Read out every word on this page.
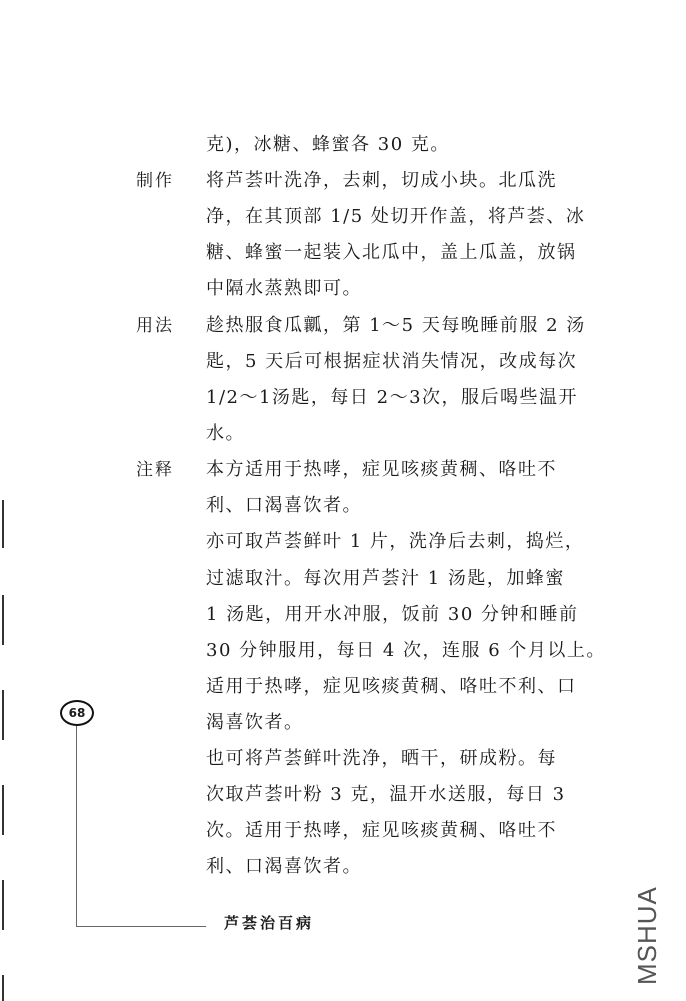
克)，冰糖、蜂蜜各 30 克。
制作 将芦荟叶洗净，去刺，切成小块。北瓜洗
净，在其顶部 1/5 处切开作盖，将芦荟、冰
糖、蜂蜜一起装入北瓜中，盖上瓜盖，放锅
中隔水蒸熟即可。
用法 趁热服食瓜瓤，第 1～5 天每晚睡前服 2 汤
匙，5 天后可根据症状消失情况，改成每次
1/2～1汤匙，每日 2～3次，服后喝些温开
水。
注释 本方适用于热哮，症见咳痰黄稠、咯吐不
利、口渴喜饮者。
亦可取芦荟鲜叶 1 片，洗净后去刺，捣烂，
过滤取汁。每次用芦荟汁 1 汤匙，加蜂蜜
1 汤匙，用开水冲服，饭前 30 分钟和睡前
30 分钟服用，每日 4 次，连服 6 个月以上。
适用于热哮，症见咳痰黄稠、咯吐不利、口
渴喜饮者。
也可将芦荟鲜叶洗净，晒干，研成粉。每
次取芦荟叶粉 3 克，温开水送服，每日 3
次。适用于热哮，症见咳痰黄稠、咯吐不
利、口渴喜饮者。
68
芦荟治百病	MSHUA
